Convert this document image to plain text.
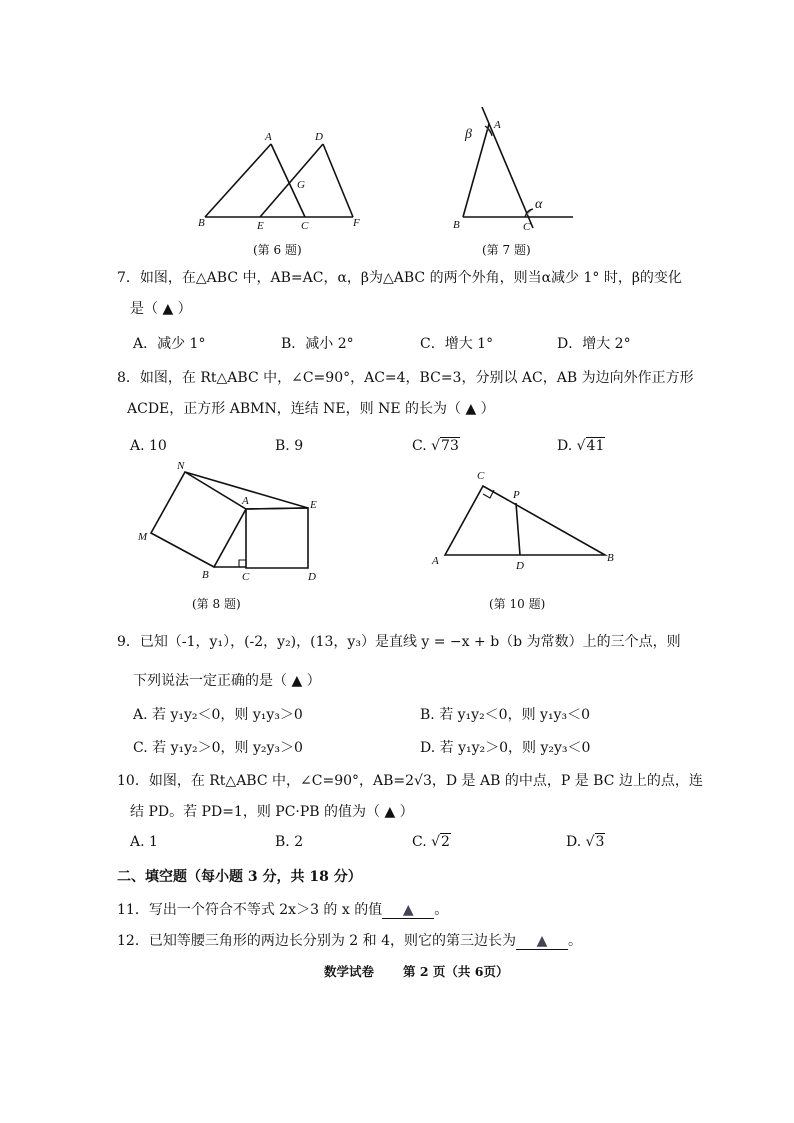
A	D
G
B	E	C	F
(第 6 题)
β
A
α
B	C
(第 7 题)
7．如图，在△ABC 中，AB=AC，α，β为△ABC 的两个外角，则当α减少 1° 时，β的变化
是（ ▲ ）
A．减少 1°	B．减小 2°	C．增大 1°	D．增大 2°
8．如图，在 Rt△ABC 中，∠C=90°，AC=4，BC=3，分别以 AC，AB 为边向外作正方形
ACDE，正方形 ABMN，连结 NE，则 NE 的长为（ ▲ ）
A. 10	B. 9	C. √73	D. √41
N
A	E
M
B	C	D
(第 8 题)
C
P
A	D
B
(第 10 题)
9．已知（-1，y₁），(-2，y₂)，(13，y₃）是直线 y = −x + b（b 为常数）上的三个点，则
下列说法一定正确的是（ ▲ ）
A. 若 y₁y₂＜0，则 y₁y₃＞0	B. 若 y₁y₂＜0，则 y₁y₃＜0
C. 若 y₁y₂＞0，则 y₂y₃＞0	D. 若 y₁y₂＞0，则 y₂y₃＜0
10．如图，在 Rt△ABC 中，∠C=90°，AB=2√3，D 是 AB 的中点，P 是 BC 边上的点，连
结 PD。若 PD=1，则 PC·PB 的值为（ ▲ ）
A. 1	B. 2	C. √2	D. √3
二、填空题（每小题 3 分，共 18 分）
11．写出一个符合不等式 2x＞3 的 x 的值 ▲ 。
12．已知等腰三角形的两边长分别为 2 和 4，则它的第三边长为 ▲ 。
数学试卷 第 2 页（共 6页）
